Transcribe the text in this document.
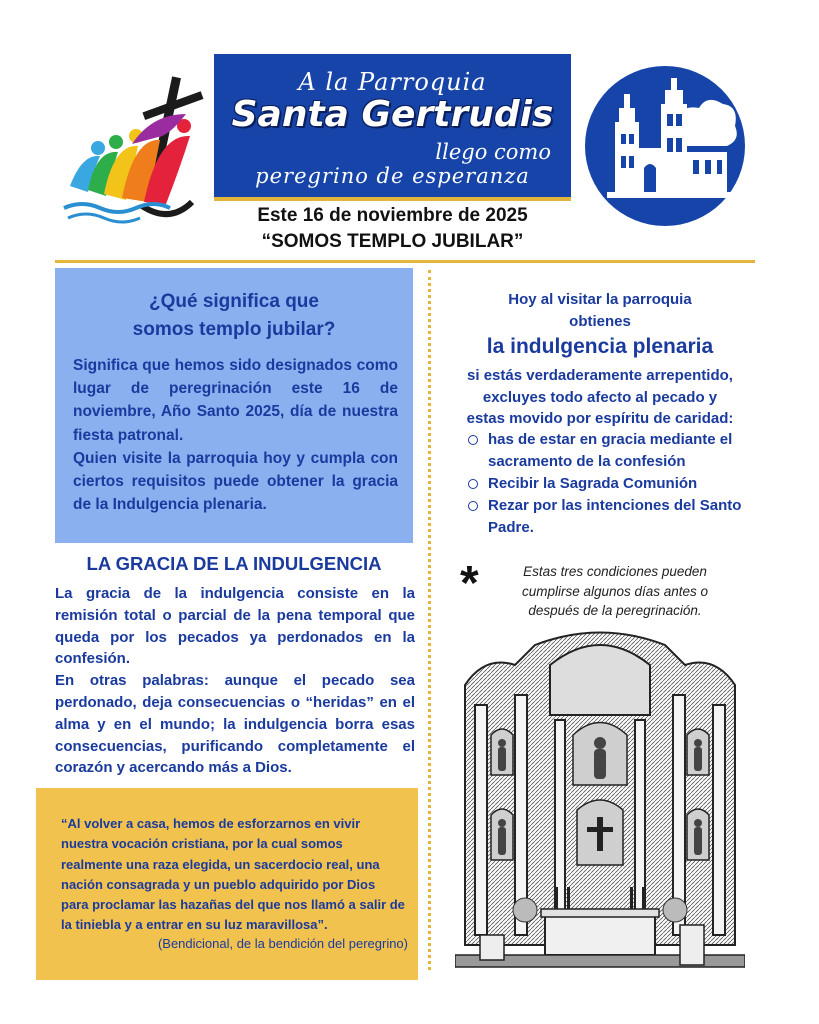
A la Parroquia
Santa Gertrudis
llego como
peregrino de esperanza
Este 16 de noviembre de 2025
“SOMOS TEMPLO JUBILAR”
¿Qué significa que
somos templo jubilar?
Significa que hemos sido designados como lugar de peregrinación este 16 de noviembre, Año Santo 2025, día de nuestra fiesta patronal.
Quien visite la parroquia hoy y cumpla con ciertos requisitos puede obtener la gracia de la Indulgencia plenaria.
LA GRACIA DE LA INDULGENCIA
La gracia de la indulgencia consiste en la remisión total o parcial de la pena temporal que queda por los pecados ya perdonados en la confesión.
En otras palabras: aunque el pecado sea perdonado, deja consecuencias o “heridas” en el alma y en el mundo; la indulgencia borra esas consecuencias, purificando completamente el corazón y acercando más a Dios.
“Al volver a casa, hemos de esforzarnos en vivir nuestra vocación cristiana, por la cual somos realmente una raza elegida, un sacerdocio real, una nación consagrada y un pueblo adquirido por Dios para proclamar las hazañas del que nos llamó a salir de la tiniebla y a entrar en su luz maravillosa”.
(Bendicional, de la bendición del peregrino)
Hoy al visitar la parroquia
obtienes
la indulgencia plenaria
si estás verdaderamente arrepentido,
excluyes todo afecto al pecado y
estas movido por espíritu de caridad:
has de estar en gracia mediante el sacramento de la confesión
Recibir la Sagrada Comunión
Rezar por las intenciones del Santo Padre.
*	Estas tres condiciones pueden cumplirse algunos días antes o después de la peregrinación.
